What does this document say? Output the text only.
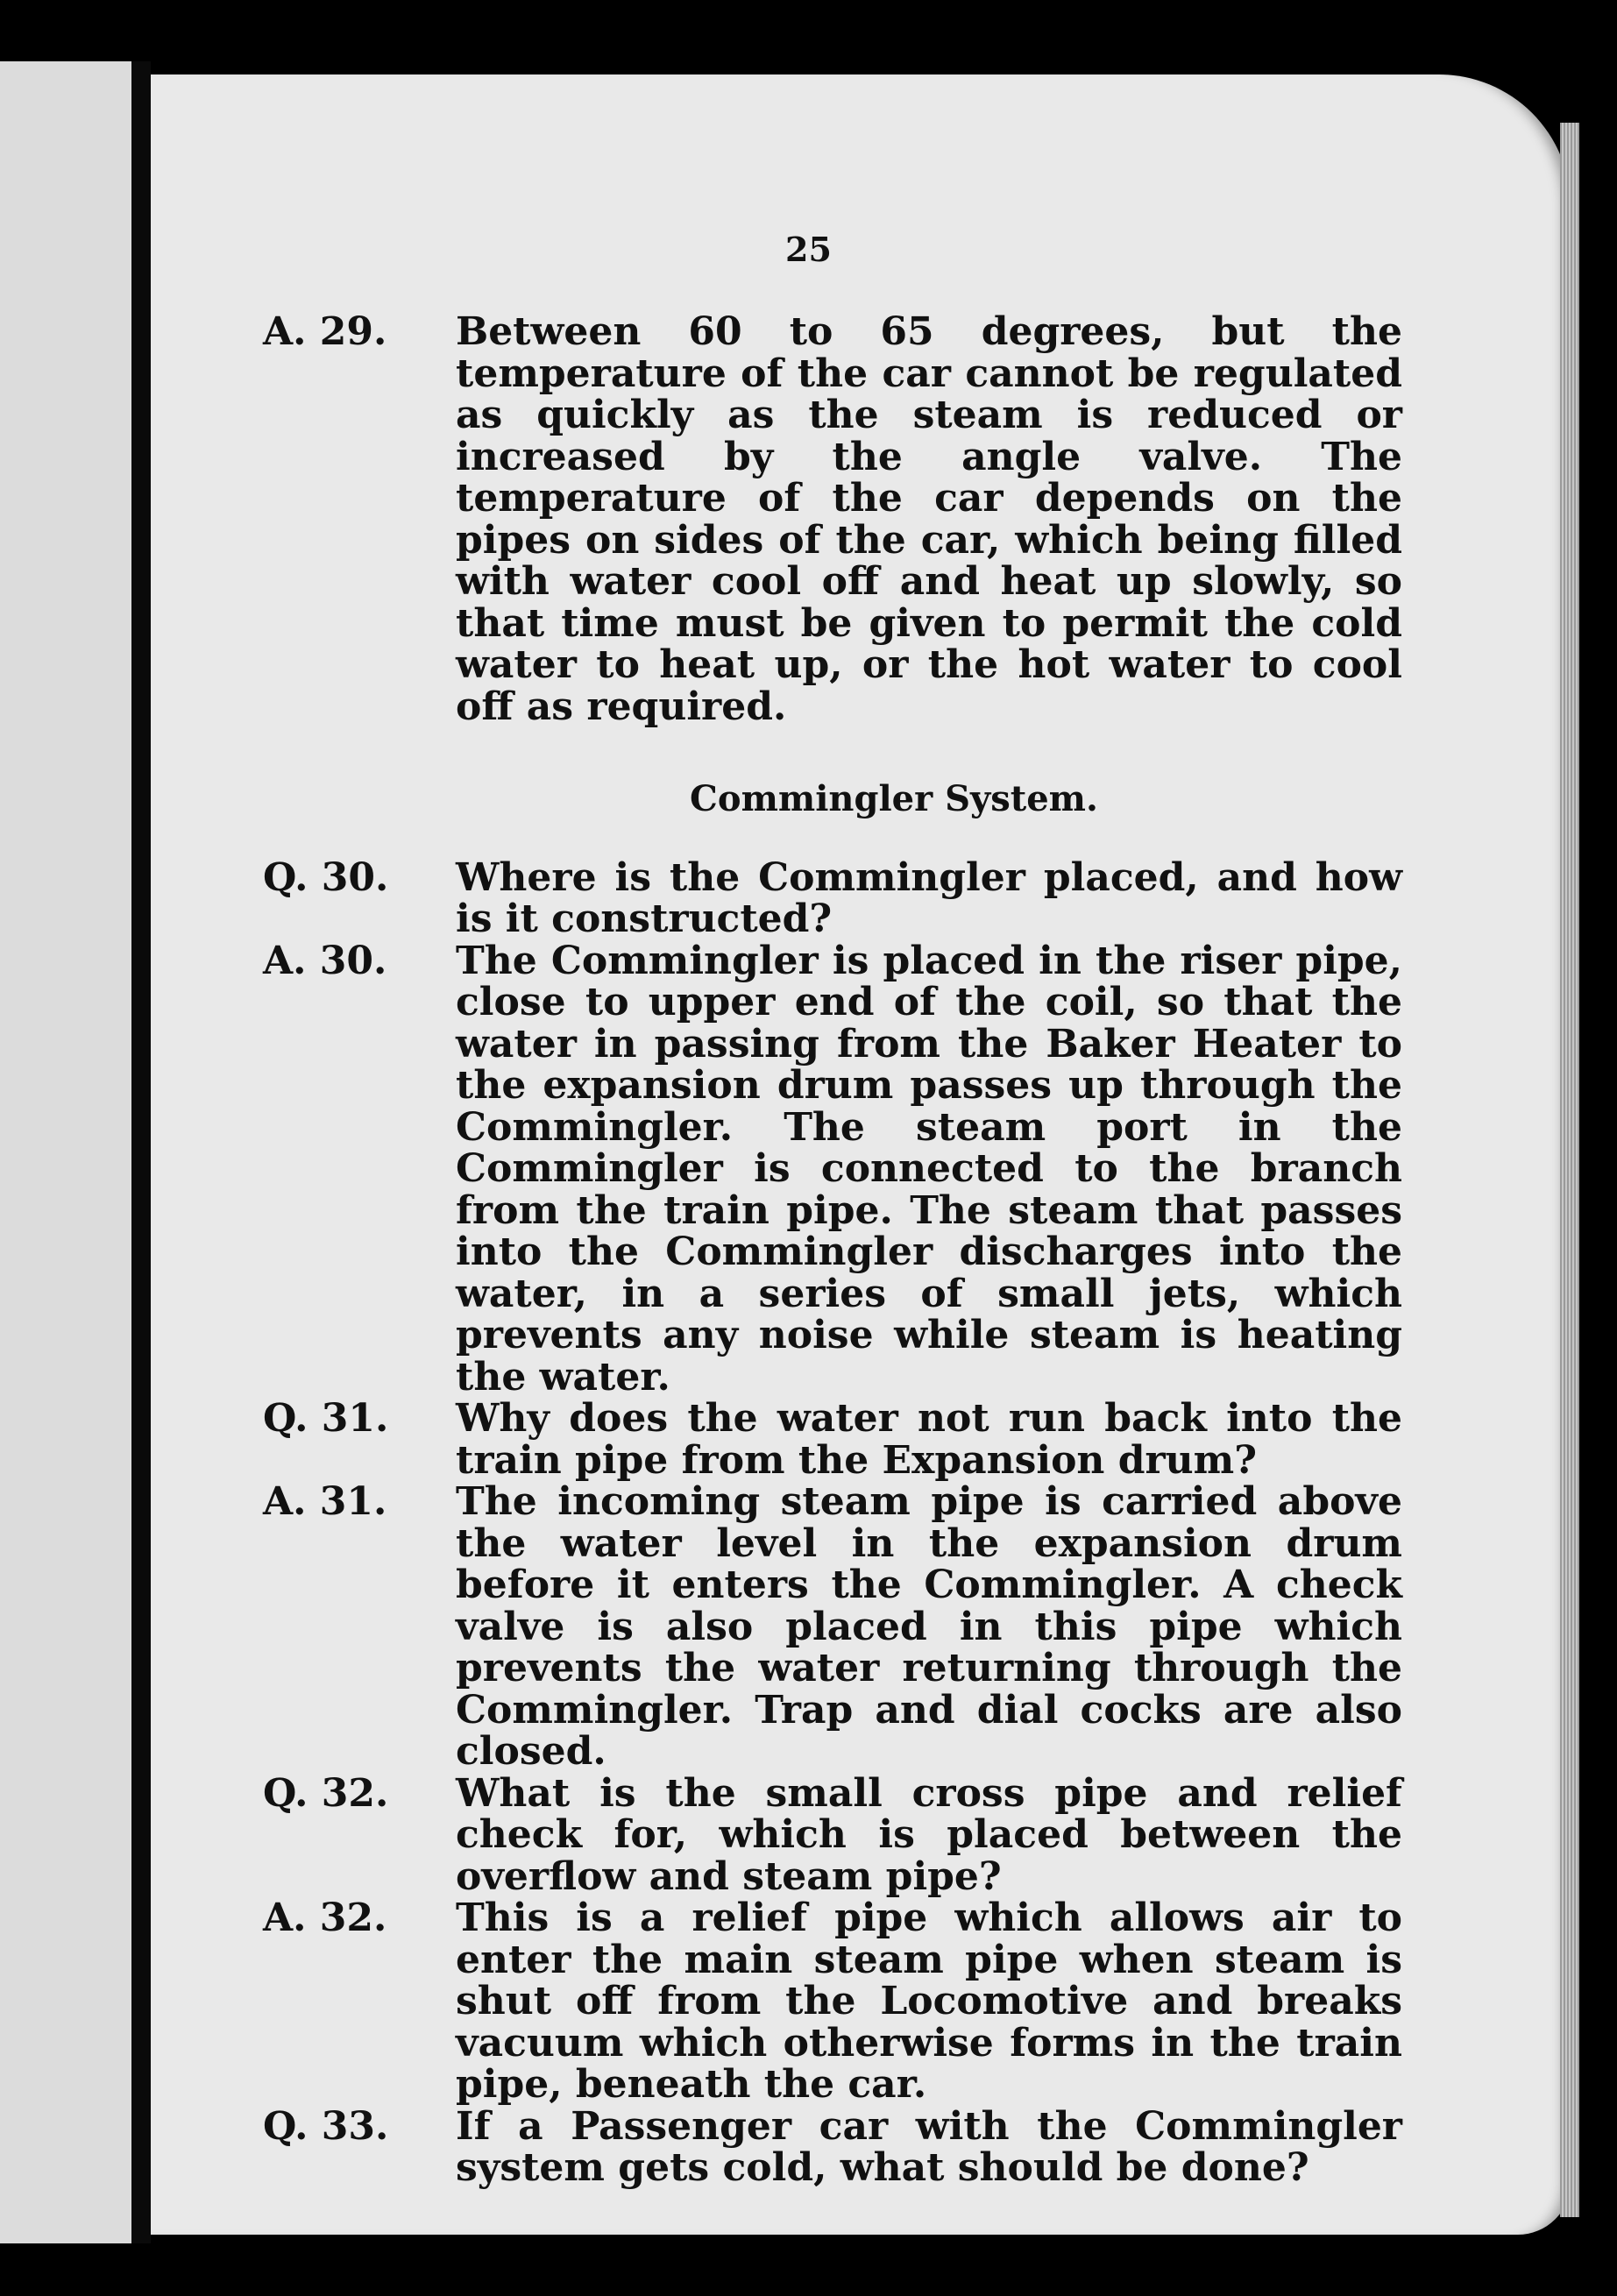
25
A. 29.	Between 60 to 65 degrees, but the temperature of the car cannot be regulated as quickly as the steam is reduced or increased by the angle valve. The temperature of the car depends on the pipes on sides of the car, which being filled with water cool off and heat up slowly, so that time must be given to permit the cold water to heat up, or the hot water to cool off as required.
Commingler System.
Q. 30.	Where is the Commingler placed, and how is it constructed?
A. 30.	The Commingler is placed in the riser pipe, close to upper end of the coil, so that the water in passing from the Baker Heater to the expansion drum passes up through the Commingler. The steam port in the Commingler is connected to the branch from the train pipe. The steam that passes into the Commingler discharges into the water, in a series of small jets, which prevents any noise while steam is heating the water.
Q. 31.	Why does the water not run back into the train pipe from the Expansion drum?
A. 31.	The incoming steam pipe is carried above the water level in the expansion drum before it enters the Commingler. A check valve is also placed in this pipe which prevents the water returning through the Commingler. Trap and dial cocks are also closed.
Q. 32.	What is the small cross pipe and relief check for, which is placed between the overflow and steam pipe?
A. 32.	This is a relief pipe which allows air to enter the main steam pipe when steam is shut off from the Locomotive and breaks vacuum which otherwise forms in the train pipe, beneath the car.
Q. 33.	If a Passenger car with the Commingler system gets cold, what should be done?
